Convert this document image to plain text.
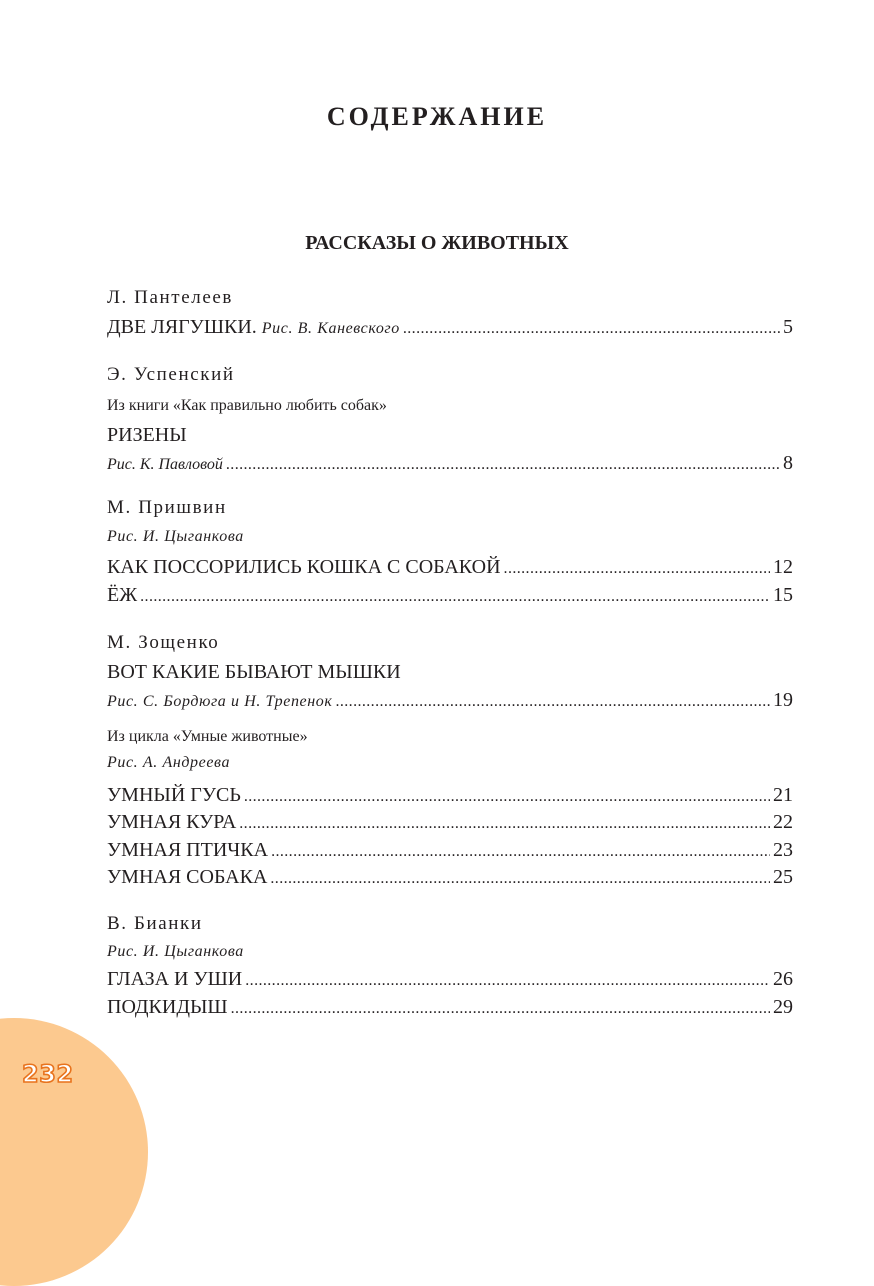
СОДЕРЖАНИЕ
РАССКАЗЫ О ЖИВОТНЫХ
Л. Пантелеев
ДВЕ ЛЯГУШКИ. Рис. В. Каневского . . .	5
Э. Успенский
Из книги «Как правильно любить собак»
РИЗЕНЫ
Рис. К. Павловой . . .	8
М. Пришвин
Рис. И. Цыганкова
КАК ПОССОРИЛИСЬ КОШКА С СОБАКОЙ . . .	12
ЁЖ . . .	15
М. Зощенко
ВОТ КАКИЕ БЫВАЮТ МЫШКИ
Рис. С. Бордюга и Н. Трепенок . . .	19
Из цикла «Умные животные»
Рис. А. Андреева
УМНЫЙ ГУСЬ . . .	21
УМНАЯ КУРА . . .	22
УМНАЯ ПТИЧКА . . .	23
УМНАЯ СОБАКА . . .	25
В. Бианки
Рис. И. Цыганкова
ГЛАЗА И УШИ . . .	26
ПОДКИДЫШ . . .	29
232
